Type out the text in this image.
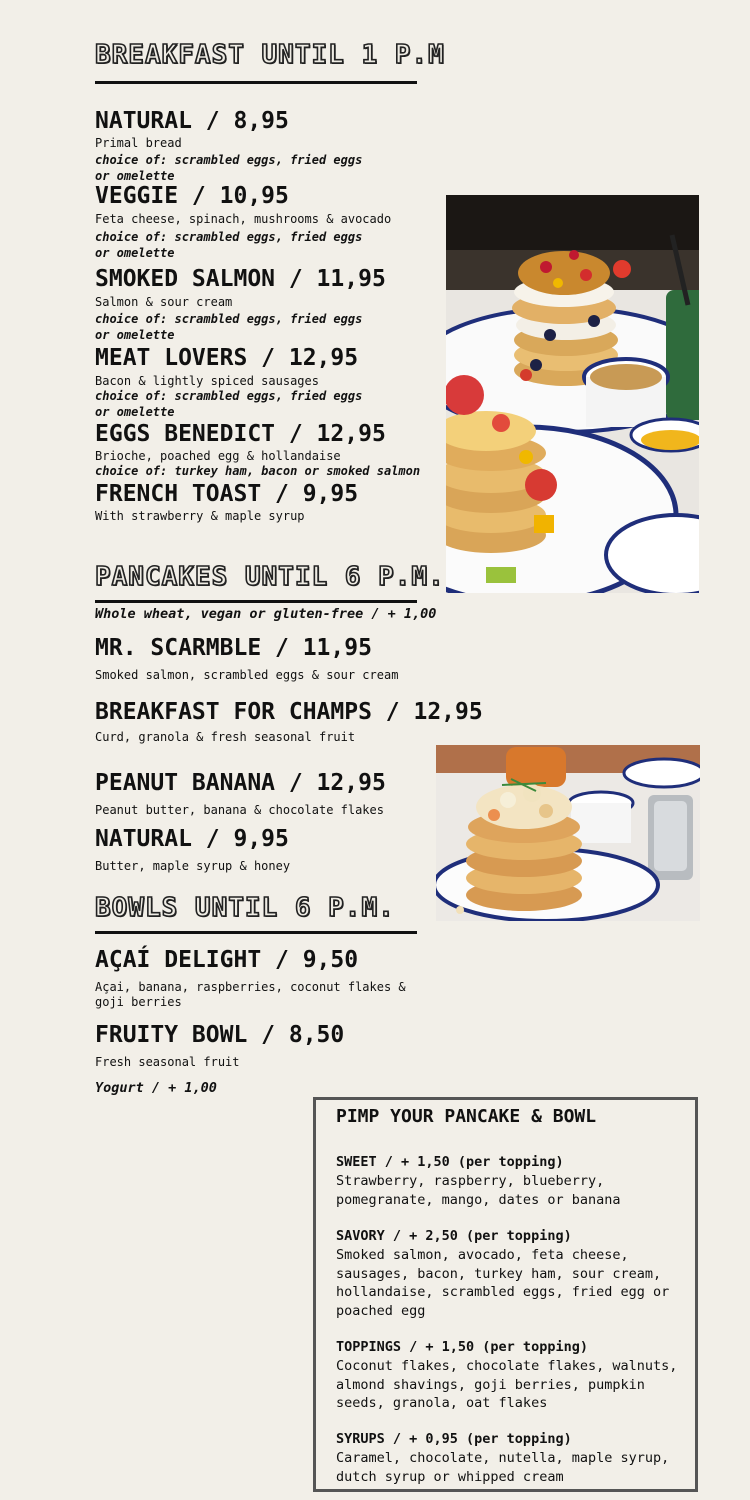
BREAKFAST UNTIL 1 P.M
NATURAL / 8,95
Primal bread
choice of: scrambled eggs, fried eggs
or omelette
VEGGIE / 10,95
Feta cheese, spinach, mushrooms & avocado
choice of: scrambled eggs, fried eggs
or omelette
SMOKED SALMON / 11,95
Salmon & sour cream
choice of: scrambled eggs, fried eggs
or omelette
MEAT LOVERS / 12,95
Bacon & lightly spiced sausages
choice of: scrambled eggs, fried eggs
or omelette
EGGS BENEDICT / 12,95
Brioche, poached egg & hollandaise
choice of: turkey ham, bacon or smoked salmon
FRENCH TOAST / 9,95
With strawberry & maple syrup
PANCAKES UNTIL 6 P.M.
Whole wheat, vegan or gluten-free / + 1,00
MR. SCARMBLE / 11,95
Smoked salmon, scrambled eggs & sour cream
BREAKFAST FOR CHAMPS / 12,95
Curd, granola & fresh seasonal fruit
PEANUT BANANA / 12,95
Peanut butter, banana & chocolate flakes
NATURAL / 9,95
Butter, maple syrup & honey
BOWLS UNTIL 6 P.M.
AÇAÍ DELIGHT / 9,50
Açai, banana, raspberries, coconut flakes &
goji berries
FRUITY BOWL / 8,50
Fresh seasonal fruit
Yogurt / + 1,00
PIMP YOUR PANCAKE & BOWL
SWEET / + 1,50 (per topping)
Strawberry, raspberry, blueberry,
pomegranate, mango, dates or banana
SAVORY / + 2,50 (per topping)
Smoked salmon, avocado, feta cheese,
sausages, bacon, turkey ham, sour cream,
hollandaise, scrambled eggs, fried egg or
poached egg
TOPPINGS / + 1,50 (per topping)
Coconut flakes, chocolate flakes, walnuts,
almond shavings, goji berries, pumpkin
seeds, granola, oat flakes
SYRUPS / + 0,95 (per topping)
Caramel, chocolate, nutella, maple syrup,
dutch syrup or whipped cream
